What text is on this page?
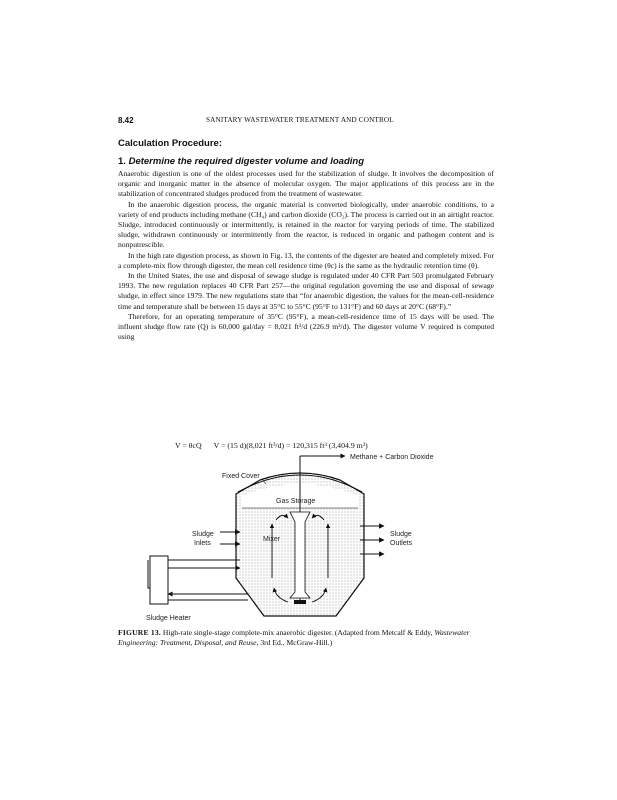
8.42	SANITARY WASTEWATER TREATMENT AND CONTROL
Calculation Procedure:
1. Determine the required digester volume and loading

Anaerobic digestion is one of the oldest processes used for the stabilization of sludge. It involves the decomposition of organic and inorganic matter in the absence of molecular oxygen. The major applications of this process are in the stabilization of concentrated sludges produced from the treatment of wastewater.

In the anaerobic digestion process, the organic material is converted biologically, under anaerobic conditions, to a variety of end products including methane (CH₄) and carbon dioxide (CO₂). The process is carried out in an airtight reactor. Sludge, introduced continuously or intermittently, is retained in the reactor for varying periods of time. The stabilized sludge, withdrawn continuously or intermittently from the reactor, is reduced in organic and pathogen content and is nonputrescible.

In the high rate digestion process, as shown in Fig. 13, the contents of the digester are heated and completely mixed. For a complete-mix flow through digester, the mean cell residence time (θc) is the same as the hydraulic retention time (θ).

In the United States, the use and disposal of sewage sludge is regulated under 40 CFR Part 503 promulgated February 1993. The new regulation replaces 40 CFR Part 257—the original regulation governing the use and disposal of sewage sludge, in effect since 1979. The new regulations state that “for anaerobic digestion, the values for the mean-cell-residence time and temperature shall be between 15 days at 35°C to 55°C (95°F to 131°F) and 60 days at 20°C (68°F).”

Therefore, for an operating temperature of 35°C (95°F), a mean-cell-residence time of 15 days will be used. The influent sludge flow rate (Q) is 60,000 gal/day = 8,021 ft³/d (226.9 m³/d). The digester volume V required is computed using

V = θcQ V = (15 d)(8,021 ft³/d) = 120,315 ft³ (3,404.9 m³)
Methane + Carbon Dioxide
Fixed Cover
Gas Storage
Mixer
Sludge
Inlets
Sludge
Outlets
Sludge Heater
FIGURE 13. High-rate single-stage complete-mix anaerobic digester. (Adapted from Metcalf & Eddy, Wastewater Engineering: Treatment, Disposal, and Reuse, 3rd Ed., McGraw-Hill.)
